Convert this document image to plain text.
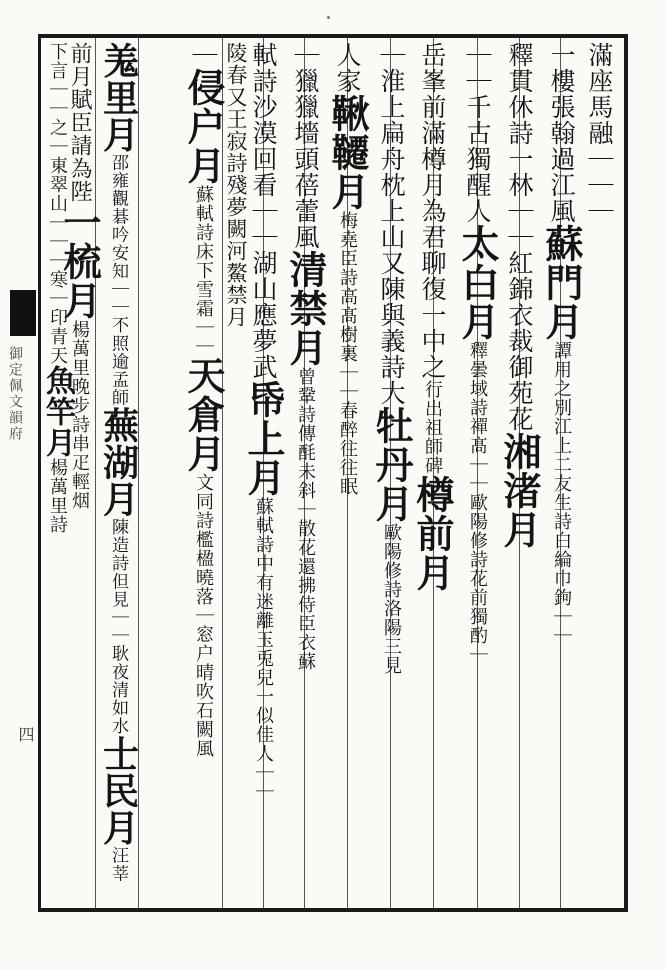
滿座馬融｜｜｜
一樓張翰過江風蘇門月譚用之別江上二友生詩白綸巾鉤｜｜
釋貫休詩一林｜｜紅錦衣裁御苑花湘渚月
｜｜千古獨醒人太白月釋曇域詩禪髙｜｜歐陽修詩花前獨酌｜
岳峯前滿樽月為君聊復一中之行出祖師碑樽前月
｜淮上扁舟枕上山又陳與義詩大牡丹月歐陽修詩洛陽三見
人家鞦韆月梅堯臣詩高髙樹裏｜｜春醉往往眠
｜獵獵墻頭蓓蕾風清禁月曾鞏詩傳酕未斜｜散花還拂侍臣衣蘇
軾詩沙漠回看｜｜湖山應夢武帋上月蘇軾詩中有迷離玉兎兒一似佳人｜｜
陵春又王寂詩殘夢闕河鰲禁月
｜侵户月蘇軾詩床下雪霜｜｜天倉月文同詩檻楹曉落｜窓户晴吹石闕風
羗里月邵雍觀碁吟安知｜｜不照逾孟師蕪湖月陳造詩但見｜｜耿夜清如水士民月汪莘
前月賦臣請為陛一梳月楊萬里晚步詩串疋輕烟
下言｜｜之｜東翠山｜｜｜寒｜印青天魚竿月楊萬里詩
御定佩文韻府
四
